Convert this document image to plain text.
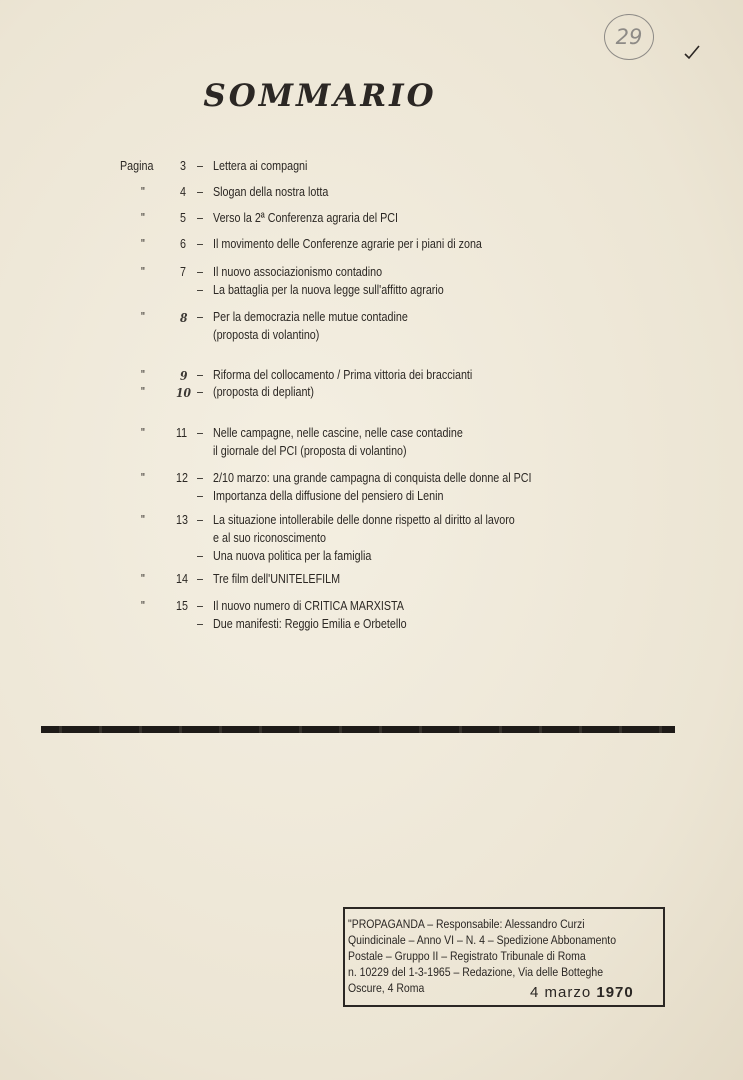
29
SOMMARIO
Pagina 3 – Lettera ai compagni
"	4 – Slogan della nostra lotta
"	5 – Verso la 2ª Conferenza agraria del PCI
"	6 – Il movimento delle Conferenze agrarie per i piani di zona
"	7 – Il nuovo associazionismo contadino
– La battaglia per la nuova legge sull'affitto agrario
"	8 – Per la democrazia nelle mutue contadine
(proposta di volantino)
"	9 – Riforma del collocamento / Prima vittoria dei braccianti
" 10 – (proposta di depliant)
" 11 – Nelle campagne, nelle cascine, nelle case contadine
il giornale del PCI (proposta di volantino)
" 12 – 2/10 marzo: una grande campagna di conquista delle donne al PCI
– Importanza della diffusione del pensiero di Lenin
" 13 – La situazione intollerabile delle donne rispetto al diritto al lavoro
e al suo riconoscimento
– Una nuova politica per la famiglia
" 14 – Tre film dell'UNITELEFILM
" 15 – Il nuovo numero di CRITICA MARXISTA
– Due manifesti: Reggio Emilia e Orbetello
"PROPAGANDA – Responsabile: Alessandro Curzi
Quindicinale – Anno VI – N. 4 – Spedizione Abbonamento
Postale – Gruppo II – Registrato Tribunale di Roma
n. 10229 del 1-3-1965 – Redazione, Via delle Botteghe
Oscure, 4 Roma	4 marzo 1970
